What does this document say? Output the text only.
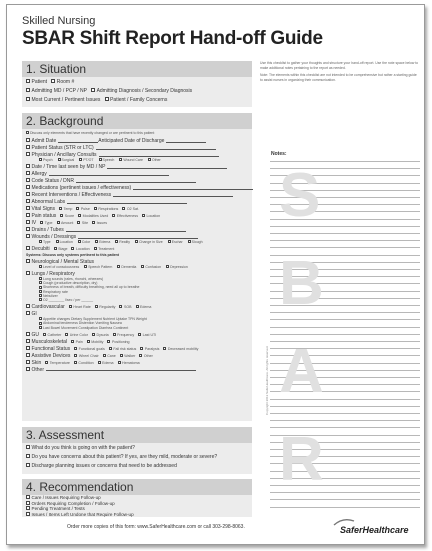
Skilled Nursing
SBAR Shift Report Hand-off Guide

Use this checklist to gather your thoughts and structure your hand-off report. Use the note space below to make additional notes pertaining to the report as needed.

Note: The elements within this checklist are not intended to be comprehensive but rather a starting guide to assist nurses in organizing their communication.

1. Situation
Patient Room #
Admitting MD / PCP / NP Admitting Diagnosis / Secondary Diagnosis
Most Current / Pertinent Issues Patient / Family Concerns
2. Background
Discuss only elements that have recently changed or are pertinent to this patient
3. Assessment
What do you think is going on with the patient?
Do you have concerns about this patient? If yes, are they mild, moderate or severe?
Discharge planning issues or concerns that need to be addressed
4. Recommendation
Care / Issues Requiring Follow-up
Orders Requiring Completion / Follow-up
Pending Treatment / Tests
Issues / Items Left Undone that Require Follow-up
Notes:
S
B
A
R
Copyright 2013 SaferHealthcare. All rights reserved.
Order more copies of this form: www.SaferHealthcare.com or call 303-298-8063.	SaferHealthcare
Admit Date	Anticipated Date of Discharge
Patient Status (STR or LTC)
Physician / Ancillary Consults
Psych	Surgical	PT/OT	Speech	Wound Care	Other
Date / Time last seen by MD / NP
Allergy
Code Status / DNR
Medications (pertinent issues / effectiveness)
Recent Interventions / Effectiveness
Abnormal Labs
Vital Signs Temp Pulse Respirations O2 Sat.
Pain status Score Modalities Used Effectiveness Location
IV Type Amount Site Issues
Drains / Tubes
Wounds / Dressings
Type	Location	Color	Edema	Reality	Change in Size	Eschar	Slough
Decubiti Stage Location Treatment
Systems: Discuss only systems pertinent to this patient
Neurological / Mental Status
Level of consciousness	Speech Pattern	Dementia	Confusion	Depression
Lungs / Respiratory
Lung sounds (rales, rhonchi, wheezes)
Cough (productive description, dry)
Shortness of breath, difficulty breathing, need all up to breathe
Respiratory rate
Nebulizer
O2 ________ l/sec / per ______
Cardiovascular Heart Rate Regularity SOB Edema
GI
Appetite changes Dietary Supplement Nutrient Uptake TPN Weight
Abdominal tenderness Distention Vomiting Nausea
Last Bowel Movement Constipation Diarrhea Continent
GU Catheter Urine Color Dysuria Frequency Last UTI
Musculoskeletal Pain Mobility Positioning
Functional Status Functional goals Fall risk status Paralysis Decreased mobility
Assistive Devices Wheel Chair Cane Walker Other
Skin Temperature Condition Edema Hematoma
Other
